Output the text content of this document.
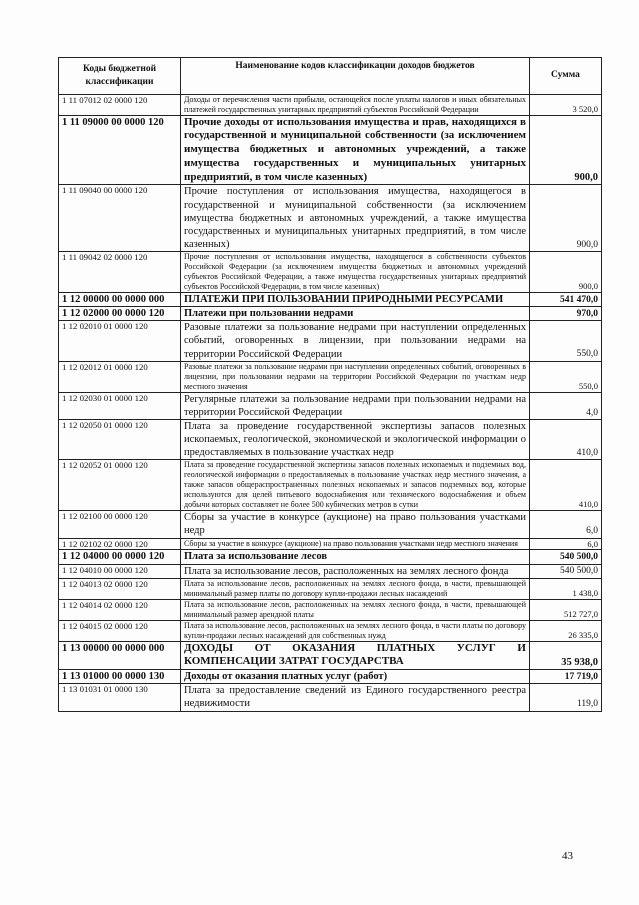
Коды бюджетной классификации	Наименование кодов классификации доходов бюджетов	Сумма
1 11 07012 02 0000 120	Доходы от перечисления части прибыли, остающейся после уплаты налогов и иных обязательных платежей государственных унитарных предприятий субъектов Российской Федерации	3 520,0
1 11 09000 00 0000 120	Прочие доходы от использования имущества и прав, находящихся в государственной и муниципальной собственности (за исключением имущества бюджетных и автономных учреждений, а также имущества государственных и муниципальных унитарных предприятий, в том числе казенных)	900,0
1 11 09040 00 0000 120	Прочие поступления от использования имущества, находящегося в государственной и муниципальной собственности (за исключением имущества бюджетных и автономных учреждений, а также имущества государственных и муниципальных унитарных предприятий, в том числе казенных)	900,0
1 11 09042 02 0000 120	Прочие поступления от использования имущества, находящегося в собственности субъектов Российской Федерации (за исключением имущества бюджетных и автономных учреждений субъектов Российской Федерации, а также имущества государственных унитарных предприятий субъектов Российской Федерации, в том числе казенных)	900,0
1 12 00000 00 0000 000	ПЛАТЕЖИ ПРИ ПОЛЬЗОВАНИИ ПРИРОДНЫМИ РЕСУРСАМИ	541 470,0
1 12 02000 00 0000 120	Платежи при пользовании недрами	970,0
1 12 02010 01 0000 120	Разовые платежи за пользование недрами при наступлении определенных событий, оговоренных в лицензии, при пользовании недрами на территории Российской Федерации	550,0
1 12 02012 01 0000 120	Разовые платежи за пользование недрами при наступлении определенных событий, оговоренных в лицензии, при пользовании недрами на территории Российской Федерации по участкам недр местного значения	550,0
1 12 02030 01 0000 120	Регулярные платежи за пользование недрами при пользовании недрами на территории Российской Федерации	4,0
1 12 02050 01 0000 120	Плата за проведение государственной экспертизы запасов полезных ископаемых, геологической, экономической и экологической информации о предоставляемых в пользование участках недр	410,0
1 12 02052 01 0000 120	Плата за проведение государственной экспертизы запасов полезных ископаемых и подземных вод, геологической информации о предоставляемых в пользование участках недр местного значения, а также запасов общераспространенных полезных ископаемых и запасов подземных вод, которые используются для целей питьевого водоснабжения или технического водоснабжения и объем добычи которых составляет не более 500 кубических метров в сутки	410,0
1 12 02100 00 0000 120	Сборы за участие в конкурсе (аукционе) на право пользования участками недр	6,0
1 12 02102 02 0000 120	Сборы за участие в конкурсе (аукционе) на право пользования участками недр местного значения	6,0
1 12 04000 00 0000 120	Плата за использование лесов	540 500,0
1 12 04010 00 0000 120	Плата за использование лесов, расположенных на землях лесного фонда	540 500,0
1 12 04013 02 0000 120	Плата за использование лесов, расположенных на землях лесного фонда, в части, превышающей минимальный размер платы по договору купли-продажи лесных насаждений	1 438,0
1 12 04014 02 0000 120	Плата за использование лесов, расположенных на землях лесного фонда, в части, превышающей минимальный размер арендной платы	512 727,0
1 12 04015 02 0000 120	Плата за использование лесов, расположенных на землях лесного фонда, в части платы по договору купли-продажи лесных насаждений для собственных нужд	26 335,0
1 13 00000 00 0000 000	ДОХОДЫ ОТ ОКАЗАНИЯ ПЛАТНЫХ УСЛУГ И КОМПЕНСАЦИИ ЗАТРАТ ГОСУДАРСТВА	35 938,0
1 13 01000 00 0000 130	Доходы от оказания платных услуг (работ)	17 719,0
1 13 01031 01 0000 130	Плата за предоставление сведений из Единого государственного реестра недвижимости	119,0
43
